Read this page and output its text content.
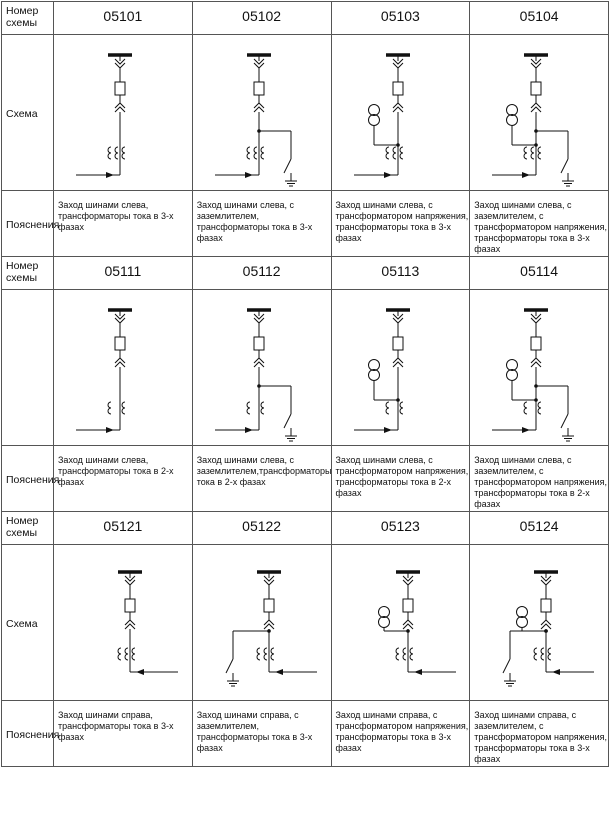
Номер схемы	05101	05102	05103	05104
Схема	

Пояснения	Заход шинами слева, трансформаторы тока в 3-х фазах	Заход шинами слева, с заземлителем, трансформаторы тока в 3-х фазах	Заход шинами слева, с трансформатором напряжения, трансформаторы тока в 3-х фазах	Заход шинами слева, с заземлителем, с трансформатором напряжения, трансформаторы тока в 3-х фазах
Номер схемы	05111	05112	05113	05114

Пояснения	Заход шинами слева, трансформаторы тока в 2-х фазах	Заход шинами слева, с заземлителем,трансформаторы тока в 2-х фазах	Заход шинами слева, с трансформатором напряжения, трансформаторы тока в 2-х фазах	Заход шинами слева, с заземлителем, с трансформатором напряжения, трансформаторы тока в 2-х фазах
Номер схемы	05121	05122	05123	05124
Схема	

Пояснения	Заход шинами справа, трансформаторы тока в 3-х фазах	Заход шинами справа, с заземлителем, трансформаторы тока в 3-х фазах	Заход шинами справа, с трансформатором напряжения, трансформаторы тока в 3-х фазах	Заход шинами справа, с заземлителем, с трансформатором напряжения, трансформаторы тока в 3-х фазах
